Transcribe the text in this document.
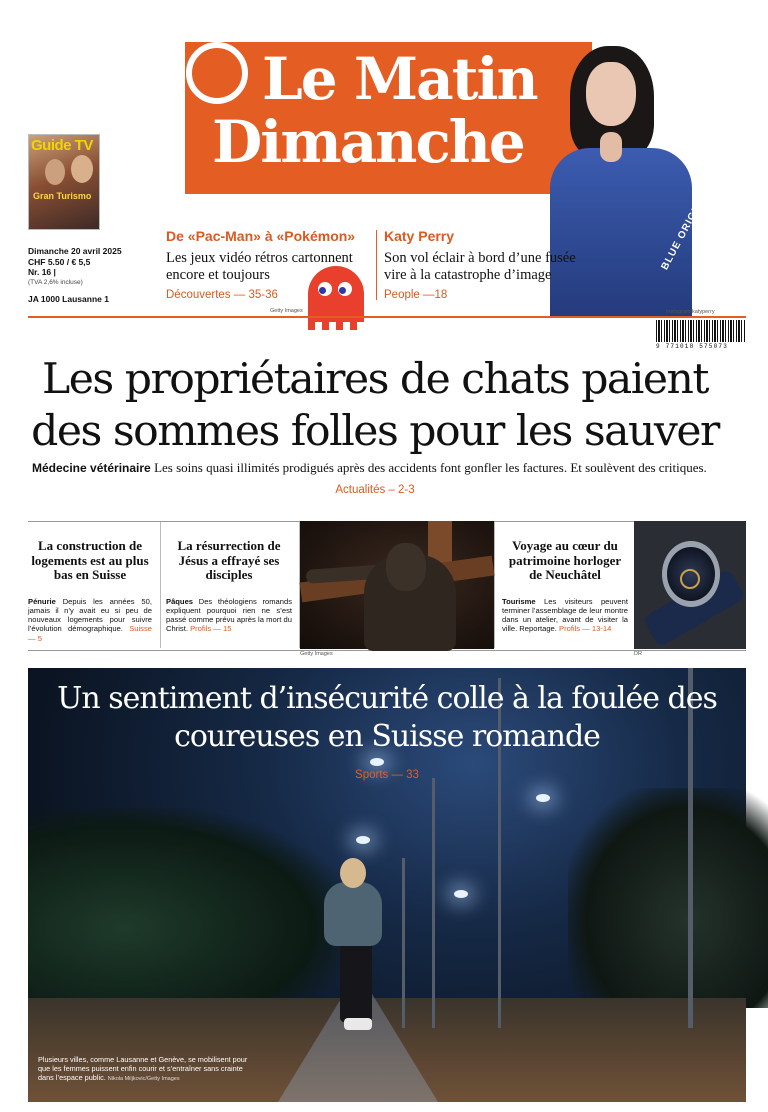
Guide TV
Gran Turismo
Dimanche 20 avril 2025
CHF 5.50 / € 5,5
Nr. 16 |
(TVA 2,6% incluse)
JA 1000 Lausanne 1
Le Matin
Dimanche
BLUE ORIGIN
De «Pac-Man» à «Pokémon»
Les jeux vidéo rétros cartonnent encore et toujours
Découvertes — 35-36
Katy Perry
Son vol éclair à bord d’une fusée vire à la catastrophe d’image
People —18
Getty Images	Instagram/katyperry
9 771018 575073
Les propriétaires de chats paient des sommes folles pour les sauver
Médecine vétérinaire Les soins quasi illimités prodigués après des accidents font gonfler les factures. Et soulèvent des critiques.
Actualités – 2-3
La construction de logements est au plus bas en Suisse
Pénurie Depuis les années 50, jamais il n’y avait eu si peu de nouveaux logements pour suivre l’évolution démographique. Suisse — 5
La résurrection de Jésus a effrayé ses disciples
Pâques Des théologiens romands expliquent pourquoi rien ne s’est passé comme prévu après la mort du Christ. Profils — 15
Voyage au cœur du patrimoine horloger de Neuchâtel
Tourisme Les visiteurs peuvent terminer l’assemblage de leur montre dans un atelier, avant de visiter la ville. Reportage. Profils — 13-14
Getty Images	DR
Un sentiment d’insécurité colle à la foulée des coureuses en Suisse romande
Sports — 33
Plusieurs villes, comme Lausanne et Genève, se mobilisent pour que les femmes puissent enfin courir et s’entraîner sans crainte dans l’espace public. Nikola Miljkovic/Getty Images
